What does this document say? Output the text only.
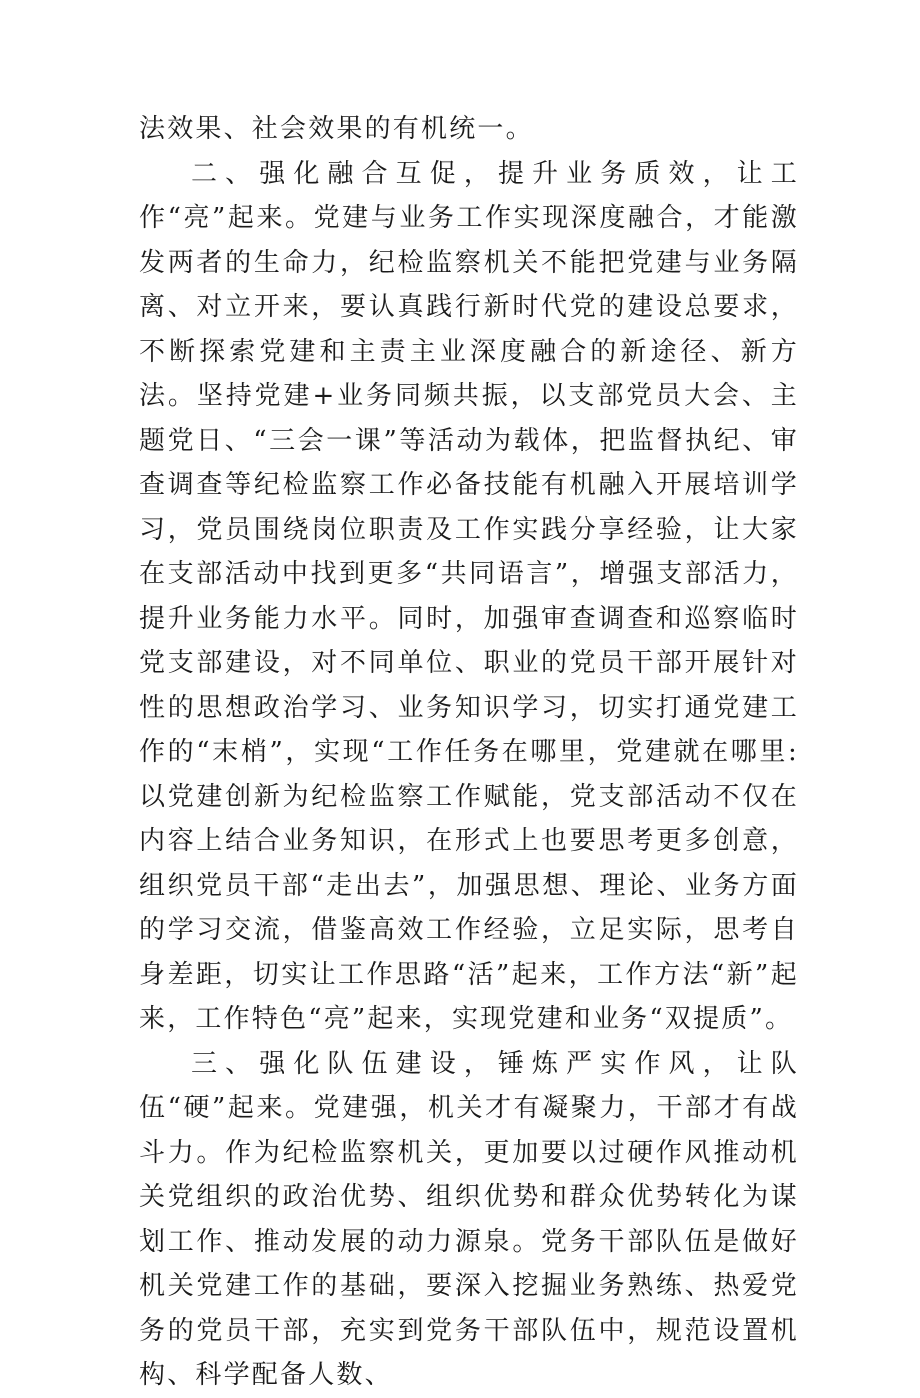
法效果、社会效果的有机统一。

二、强化融合互促，提升业务质效，让工作“亮”起来。党建与业务工作实现深度融合，才能激发两者的生命力，纪检监察机关不能把党建与业务隔离、对立开来，要认真践行新时代党的建设总要求，不断探索党建和主责主业深度融合的新途径、新方法。坚持党建+业务同频共振，以支部党员大会、主题党日、“三会一课”等活动为载体，把监督执纪、审查调查等纪检监察工作必备技能有机融入开展培训学习，党员围绕岗位职责及工作实践分享经验，让大家在支部活动中找到更多“共同语言”，增强支部活力，提升业务能力水平。同时，加强审查调查和巡察临时党支部建设，对不同单位、职业的党员干部开展针对性的思想政治学习、业务知识学习，切实打通党建工作的“末梢”，实现“工作任务在哪里，党建就在哪里:以党建创新为纪检监察工作赋能，党支部活动不仅在内容上结合业务知识，在形式上也要思考更多创意，组织党员干部“走出去”，加强思想、理论、业务方面的学习交流，借鉴高效工作经验，立足实际，思考自身差距，切实让工作思路“活”起来，工作方法“新”起来，工作特色“亮”起来，实现党建和业务“双提质”。

三、强化队伍建设，锤炼严实作风，让队伍“硬”起来。党建强，机关才有凝聚力，干部才有战斗力。作为纪检监察机关，更加要以过硬作风推动机关党组织的政治优势、组织优势和群众优势转化为谋划工作、推动发展的动力源泉。党务干部队伍是做好机关党建工作的基础，要深入挖掘业务熟练、热爱党务的党员干部，充实到党务干部队伍中，规范设置机构、科学配备人数、
